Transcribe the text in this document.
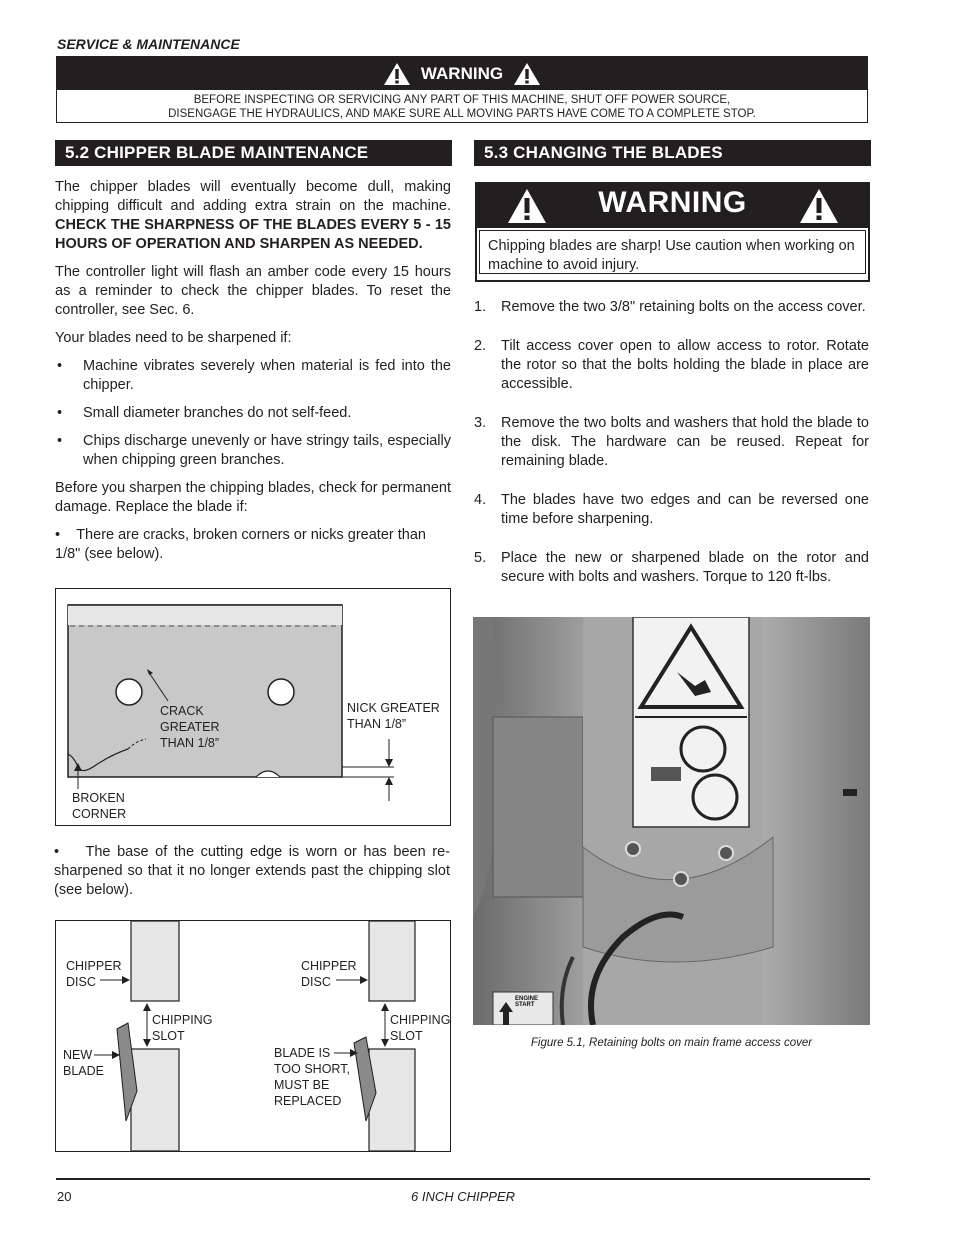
SERVICE & MAINTENANCE
WARNING
BEFORE INSPECTING OR SERVICING ANY PART OF THIS MACHINE, SHUT OFF POWER SOURCE,
DISENGAGE THE HYDRAULICS, AND MAKE SURE ALL MOVING PARTS HAVE COME TO A COMPLETE STOP.
5.2 CHIPPER BLADE MAINTENANCE

The chipper blades will eventually become dull, making chipping difficult and adding extra strain on the machine. CHECK THE SHARPNESS OF THE BLADES EVERY 5 - 15 HOURS OF OPERATION AND SHARPEN AS NEEDED.

The controller light will flash an amber code every 15 hours as a reminder to check the chipper blades. To reset the controller, see Sec. 6.

Your blades need to be sharpened if:

• Machine vibrates severely when material is fed into the chipper.
• Small diameter branches do not self-feed.
• Chips discharge unevenly or have stringy tails, especially when chipping green branches.

Before you sharpen the chipping blades, check for permanent damage. Replace the blade if:

• There are cracks, broken corners or nicks greater than 1/8" (see below).

CRACK
GREATER
THAN 1/8”
NICK GREATER
THAN 1/8”
BROKEN
CORNER
• The base of the cutting edge is worn or has been re-sharpened so that it no longer extends past the chipping slot (see below).
CHIPPER
DISC
CHIPPING
SLOT
NEW
BLADE
CHIPPER
DISC
CHIPPING
SLOT
BLADE IS
TOO SHORT,
MUST BE
REPLACED
5.3 CHANGING THE BLADES
WARNING
Chipping blades are sharp! Use caution when working on machine to avoid injury.
1. Remove the two 3/8" retaining bolts on the access cover.
2. Tilt access cover open to allow access to rotor. Rotate the rotor so that the bolts holding the blade in place are accessible.
3. Remove the two bolts and washers that hold the blade to the disk. The hardware can be reused. Repeat for remaining blade.
4. The blades have two edges and can be reversed one time before sharpening.
5. Place the new or sharpened blade on the rotor and secure with bolts and washers. Torque to 120 ft-lbs.
ENGINE
START
Figure 5.1, Retaining bolts on main frame access cover
20	6 INCH CHIPPER
